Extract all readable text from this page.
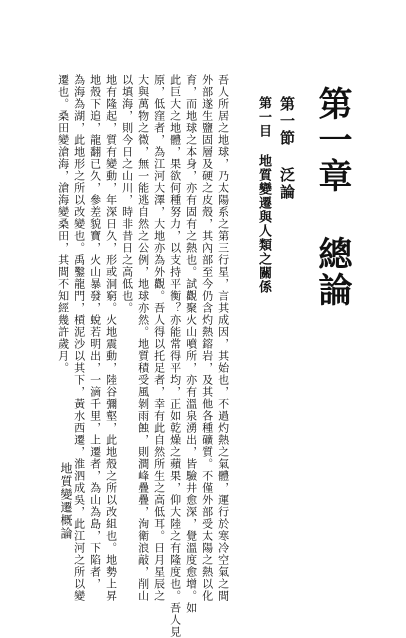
第一章 總論
第一節 泛論
第一目 地質變遷與人類之關係
吾人所居之地球，乃太陽系之第三行星，言其成因，其始也，不過灼熱之氣體，運行於寒冷空氣之間
外部遂生鹽固層及硬之皮殼，其內部至今仍含灼熱鎔岩，及其他各種礦質。不僅外部受太陽之熱以化
育，而地球之本身，亦有固有之熱也。試觀聚火山噴所，亦有溫泉湧出，皆驗井愈深，覺溫度愈增。如
此巨大之地體，果欲何種努力，以支持平衡？亦能常得平均，正如乾燥之蘋果，仰大陸之有隆度也。吾人見
原，低窪者，為江河大澤，大地亦為外觀。吾人得以托足者，幸有此自然所生之高低耳。日月星辰之
大與萬物之微，無一能逃自然之公例，地球亦然。地質積受風剝雨蝕，則澗峰疊疊，洵衛浪敲，削山
以填海，則今日之山川，時非昔日之高低也。
地有隆起，質有變動，年深日久，形或洞窮。火地震動，陸谷彌壑，此地殼之所以改組也。地勢上昇
地殼下追，龍翻已久，參差貌寶，火山暴發，蛻若明出，一滴千里，上遷者，為山為島，下陷者，
為海為湖，此地形之所以改變也。禹鑿龍門，槓泥沙以其下，黃水西遷，淮泗成吳，此江河之所以變
遷也。桑田變滄海，滄海變桑田，其間不知經幾許歲月。
地質變遷概論
